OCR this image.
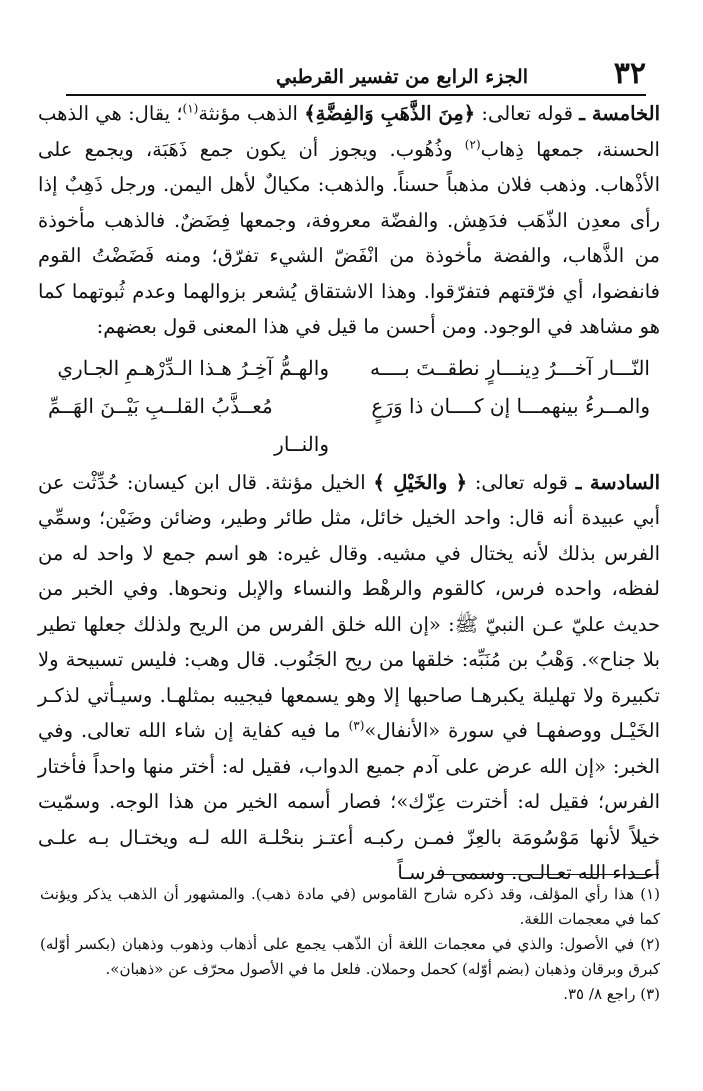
٣٢
الجزء الرابع من تفسير القرطبي

الخامسة ـ قوله تعالى: ﴿مِنَ الذَّهَبِ وَالفِضَّةِ﴾ الذهب مؤنثة$^{(١)}$؛ يقال: هي الذهب الحسنة، جمعها ذِهاب$^{(٢)}$ وذُهُوب. ويجوز أن يكون جمع ذَهَبَة، ويجمع على الأذْهاب. وذهب فلان مذهباً حسناً. والذهب: مكيالٌ لأهل اليمن. ورجل ذَهِبٌ إذا رأى معدِن الذّهَب فدَهِش. والفضّة معروفة، وجمعها فِضَضٌ. فالذهب مأخوذة من الذَّهاب، والفضة مأخوذة من انْفَضّ الشيء تفرّق؛ ومنه فَضَضْتُ القوم فانفضوا، أي فرّقتهم فتفرّقوا. وهذا الاشتقاق يُشعر بزوالهما وعدم ثُبوتهما كما هو مشاهد في الوجود. ومن أحسن ما قيل في هذا المعنى قول بعضهم:

النّـــار آخـــرُ دِينـــارٍ نطقــتَ بــــه
والهـمُّ آخِـرُ هـذا الـدِّرْهـمِ الجـاري
والمــرءُ بينهمـــا إن كــــان ذا وَرَعٍ
مُعــذَّبُ القلــبِ بَيْــنَ الهَــمِّ والنــار

السادسة ـ قوله تعالى: ﴿ والخَيْلِ ﴾ الخيل مؤنثة. قال ابن كيسان: حُدِّثْت عن أبي عبيدة أنه قال: واحد الخيل خائل، مثل طائر وطير، وضائن وضَيْن؛ وسمِّي الفرس بذلك لأنه يختال في مشيه. وقال غيره: هو اسم جمع لا واحد له من لفظه، واحده فرس، كالقوم والرهْط والنساء والإبل ونحوها. وفي الخبر من حديث عليّ عـن النبيّ ﷺ: «إن الله خلق الفرس من الريح ولذلك جعلها تطير بلا جناح». وَهْبُ بن مُنَبِّه: خلقها من ريح الجَنُوب. قال وهب: فليس تسبيحة ولا تكبيرة ولا تهليلة يكبرهـا صاحبها إلا وهو يسمعها فيجيبه بمثلهـا. وسيـأتي لذكـر الخَيْـل ووصفهـا في سورة «الأنفال»$^{(٣)}$ ما فيه كفاية إن شاء الله تعالى. وفي الخبر: «إن الله عرض على آدم جميع الدواب، فقيل له: أختر منها واحداً فأختار الفرس؛ فقيل له: أخترت عِزّك»؛ فصار أسمه الخير من هذا الوجه. وسمّيت خيلاً لأنها مَوْسُومَة بالعِزّ فمـن ركبـه أعتـز بنحْلـة الله لـه ويختـال بـه علـى أعـداء الله تعـالـى. وسمى فرسـاً

(١) هذا رأي المؤلف، وقد ذكره شارح القاموس (في مادة ذهب). والمشهور أن الذهب يذكر ويؤنث كما في معجمات اللغة.

(٢) في الأصول: والذي في معجمات اللغة أن الذّهب يجمع على أذهاب وذهوب وذهبان (بكسر أوّله) كبرق وبرقان وذهبان (بضم أوّله) كحمل وحملان. فلعل ما في الأصول محرّف عن «ذهبان».

(٣) راجع ٨/ ٣٥.
